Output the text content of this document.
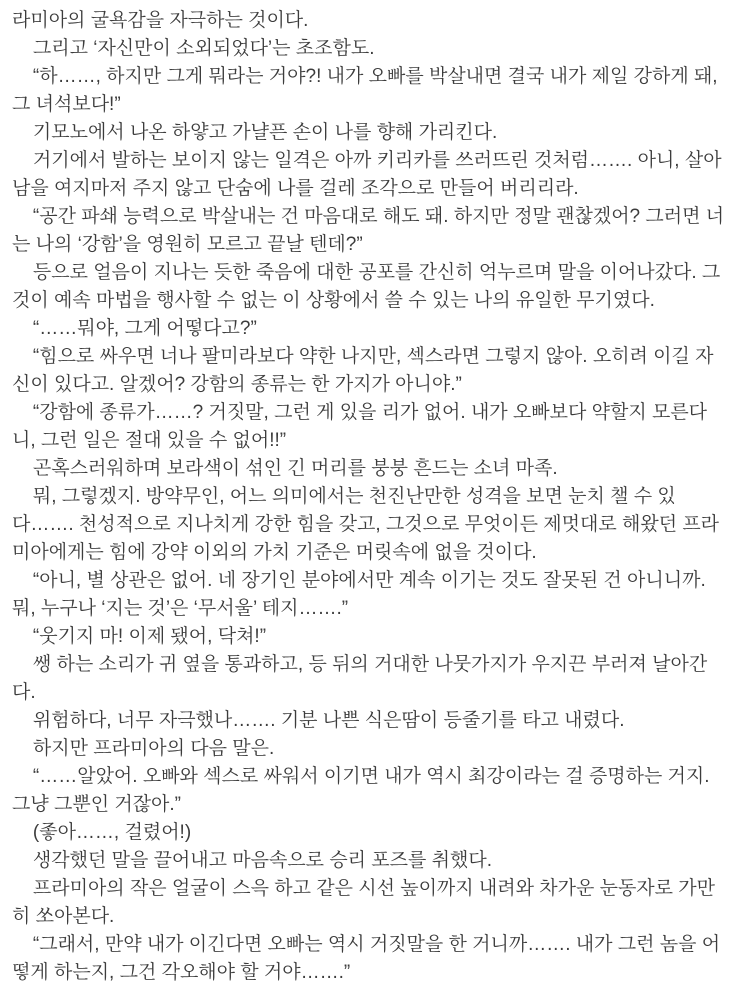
라미아의 굴욕감을 자극하는 것이다.

그리고 ‘자신만이 소외되었다’는 초조함도.

“하……, 하지만 그게 뭐라는 거야?! 내가 오빠를 박살내면 결국 내가 제일 강하게 돼, 그 녀석보다!”

기모노에서 나온 하얗고 가냘픈 손이 나를 향해 가리킨다.

거기에서 발하는 보이지 않는 일격은 아까 키리카를 쓰러뜨린 것처럼……. 아니, 살아남을 여지마저 주지 않고 단숨에 나를 걸레 조각으로 만들어 버리리라.

“공간 파쇄 능력으로 박살내는 건 마음대로 해도 돼. 하지만 정말 괜찮겠어? 그러면 너는 나의 ‘강함’을 영원히 모르고 끝날 텐데?”

등으로 얼음이 지나는 듯한 죽음에 대한 공포를 간신히 억누르며 말을 이어나갔다. 그것이 예속 마법을 행사할 수 없는 이 상황에서 쓸 수 있는 나의 유일한 무기였다.

“……뭐야, 그게 어떻다고?”

“힘으로 싸우면 너나 팔미라보다 약한 나지만, 섹스라면 그렇지 않아. 오히려 이길 자신이 있다고. 알겠어? 강함의 종류는 한 가지가 아니야.”

“강함에 종류가……? 거짓말, 그런 게 있을 리가 없어. 내가 오빠보다 약할지 모른다니, 그런 일은 절대 있을 수 없어!!”

곤혹스러워하며 보라색이 섞인 긴 머리를 붕붕 흔드는 소녀 마족.

뭐, 그렇겠지. 방약무인, 어느 의미에서는 천진난만한 성격을 보면 눈치 챌 수 있다……. 천성적으로 지나치게 강한 힘을 갖고, 그것으로 무엇이든 제멋대로 해왔던 프라미아에게는 힘에 강약 이외의 가치 기준은 머릿속에 없을 것이다.

“아니, 별 상관은 없어. 네 장기인 분야에서만 계속 이기는 것도 잘못된 건 아니니까. 뭐, 누구나 ‘지는 것’은 ‘무서울’ 테지…….”

“웃기지 마! 이제 됐어, 닥쳐!”

쌩 하는 소리가 귀 옆을 통과하고, 등 뒤의 거대한 나뭇가지가 우지끈 부러져 날아간다.

위험하다, 너무 자극했나……. 기분 나쁜 식은땀이 등줄기를 타고 내렸다.

하지만 프라미아의 다음 말은.

“……알았어. 오빠와 섹스로 싸워서 이기면 내가 역시 최강이라는 걸 증명하는 거지. 그냥 그뿐인 거잖아.”

(좋아……, 걸렸어!)

생각했던 말을 끌어내고 마음속으로 승리 포즈를 취했다.

프라미아의 작은 얼굴이 스윽 하고 같은 시선 높이까지 내려와 차가운 눈동자로 가만히 쏘아본다.

“그래서, 만약 내가 이긴다면 오빠는 역시 거짓말을 한 거니까……. 내가 그런 놈을 어떻게 하는지, 그건 각오해야 할 거야…….”
